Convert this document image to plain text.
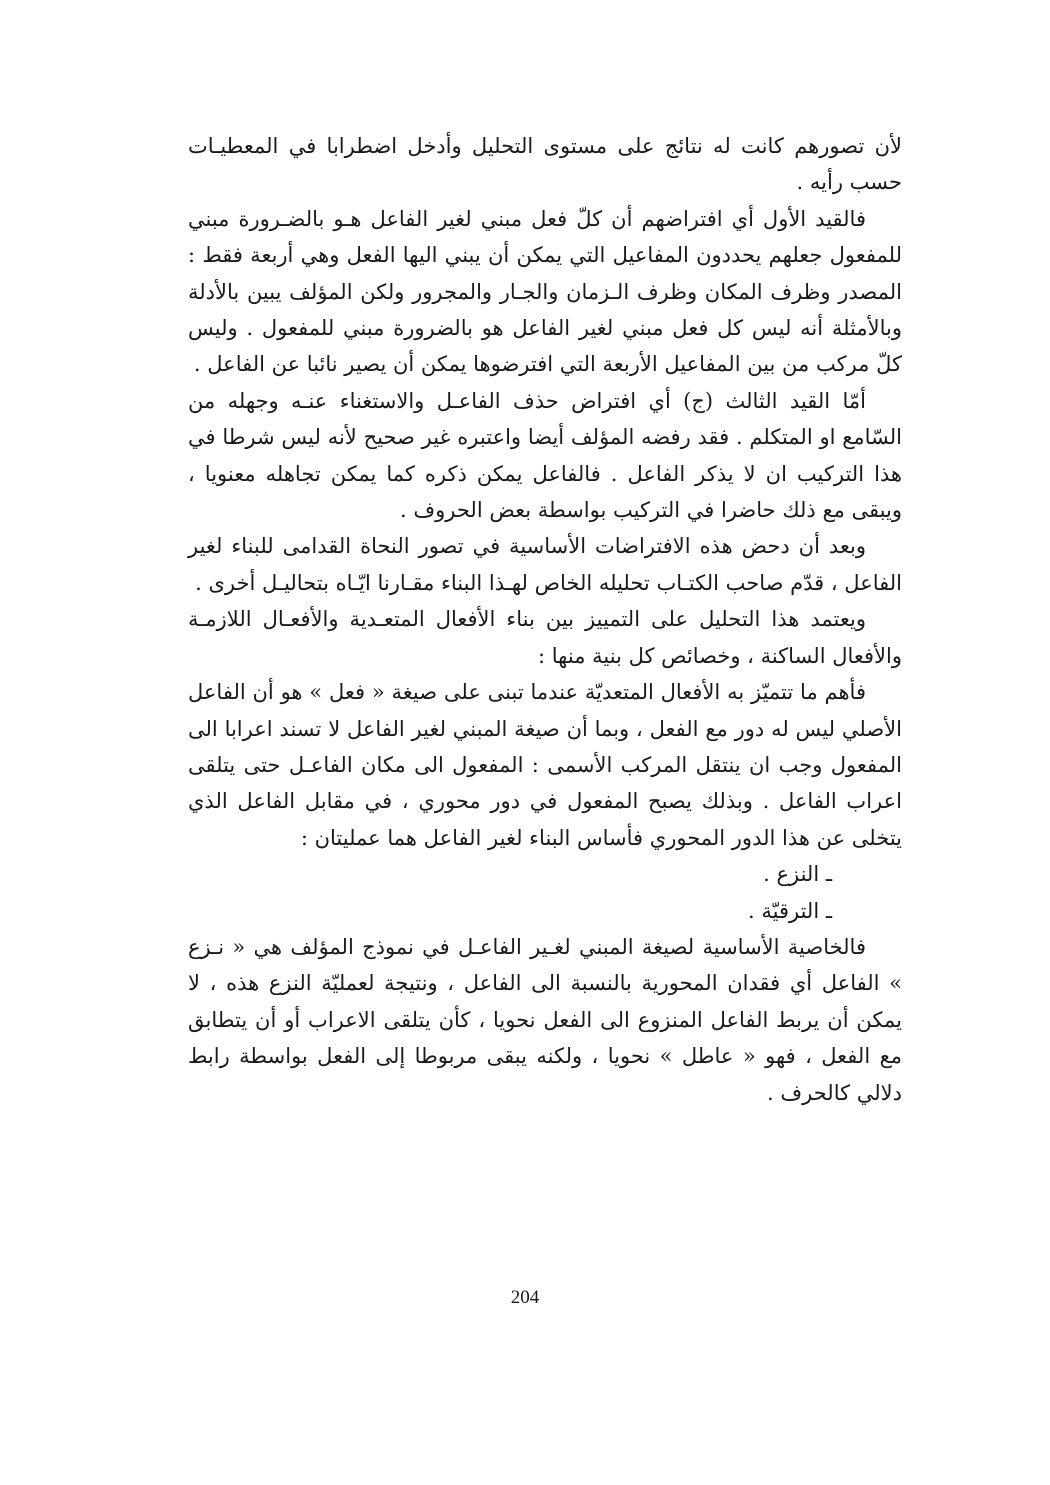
لأن تصورهم كانت له نتائج على مستوى التحليل وأدخل اضطرابا في المعطيـات حسب رأيه .

فالقيد الأول أي افتراضهم أن كلّ فعل مبني لغير الفاعل هـو بالضـرورة مبني للمفعول جعلهم يحددون المفاعيل التي يمكن أن يبني اليها الفعل وهي أربعة فقط : المصدر وظرف المكان وظرف الـزمان والجـار والمجرور ولكن المؤلف يبين بالأدلة وبالأمثلة أنه ليس كل فعل مبني لغير الفاعل هو بالضرورة مبني للمفعول . وليس كلّ مركب من بين المفاعيل الأربعة التي افترضوها يمكن أن يصير نائبا عن الفاعل .

أمّا القيد الثالث (ج) أي افتراض حذف الفاعـل والاستغناء عنـه وجهله من السّامع او المتكلم . فقد رفضه المؤلف أيضا واعتبره غير صحيح لأنه ليس شرطا في هذا التركيب ان لا يذكر الفاعل . فالفاعل يمكن ذكره كما يمكن تجاهله معنويا ، ويبقى مع ذلك حاضرا في التركيب بواسطة بعض الحروف .

وبعد أن دحض هذه الافتراضات الأساسية في تصور النحاة القدامى للبناء لغير الفاعل ، قدّم صاحب الكتـاب تحليله الخاص لهـذا البناء مقـارنا ايّـاه بتحاليـل أخرى .

ويعتمد هذا التحليل على التمييز بين بناء الأفعال المتعـدية والأفعـال اللازمـة والأفعال الساكنة ، وخصائص كل بنية منها :

فأهم ما تتميّز به الأفعال المتعديّة عندما تبنى على صيغة « فعل » هو أن الفاعل الأصلي ليس له دور مع الفعل ، وبما أن صيغة المبني لغير الفاعل لا تسند اعرابا الى المفعول وجب ان ينتقل المركب الأسمى : المفعول الى مكان الفاعـل حتى يتلقى اعراب الفاعل . وبذلك يصبح المفعول في دور محوري ، في مقابل الفاعل الذي يتخلى عن هذا الدور المحوري فأساس البناء لغير الفاعل هما عمليتان :

ـ النزع .
ـ الترقيّة .

فالخاصية الأساسية لصيغة المبني لغـير الفاعـل في نموذج المؤلف هي « نـزع » الفاعل أي فقدان المحورية بالنسبة الى الفاعل ، ونتيجة لعمليّة النزع هذه ، لا يمكن أن يربط الفاعل المنزوع الى الفعل نحويا ، كأن يتلقى الاعراب أو أن يتطابق مع الفعل ، فهو « عاطل » نحويا ، ولكنه يبقى مربوطا إلى الفعل بواسطة رابط دلالي كالحرف .

204
